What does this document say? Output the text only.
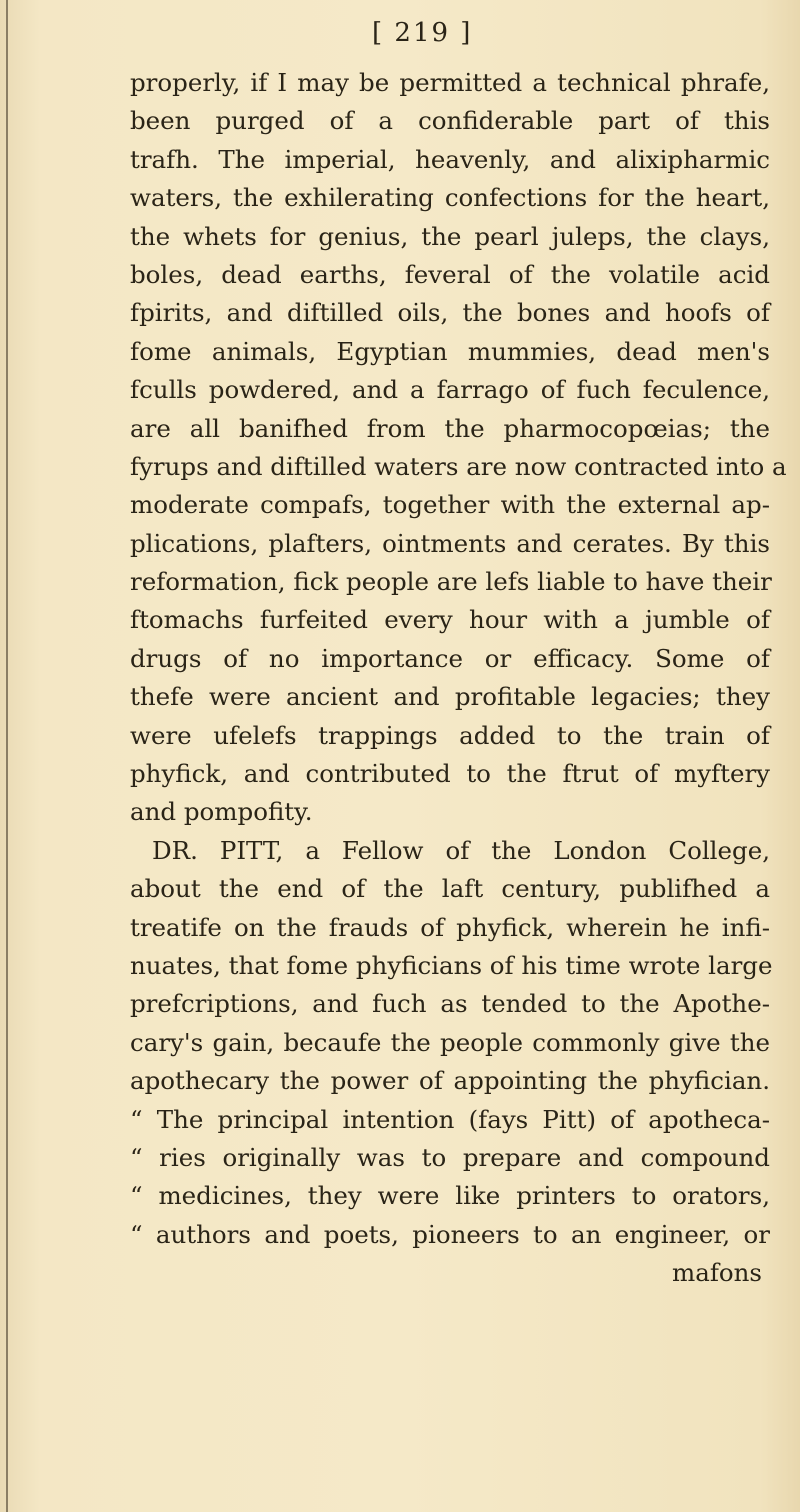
[ 219 ]
properly, if I may be permitted a technical phrafe,
been purged of a confiderable part of this
trafh. The imperial, heavenly, and alixipharmic
waters, the exhilerating confections for the heart,
the whets for genius, the pearl juleps, the clays,
boles, dead earths, feveral of the volatile acid
fpirits, and diftilled oils, the bones and hoofs of
fome animals, Egyptian mummies, dead men's
fculls powdered, and a farrago of fuch feculence,
are all banifhed from the pharmocopœias; the
fyrups and diftilled waters are now contracted into a
moderate compafs, together with the external ap-
plications, plafters, ointments and cerates. By this
reformation, fick people are lefs liable to have their
ftomachs furfeited every hour with a jumble of
drugs of no importance or efficacy. Some of
thefe were ancient and profitable legacies; they
were ufelefs trappings added to the train of
phyfick, and contributed to the ftrut of myftery
and pompofity.
DR. PITT, a Fellow of the London College,
about the end of the laft century, publifhed a
treatife on the frauds of phyfick, wherein he infi-
nuates, that fome phyficians of his time wrote large
prefcriptions, and fuch as tended to the Apothe-
cary's gain, becaufe the people commonly give the
apothecary the power of appointing the phyfician.
“ The principal intention (fays Pitt) of apotheca-
“ ries originally was to prepare and compound
“ medicines, they were like printers to orators,
“ authors and poets, pioneers to an engineer, or
mafons
